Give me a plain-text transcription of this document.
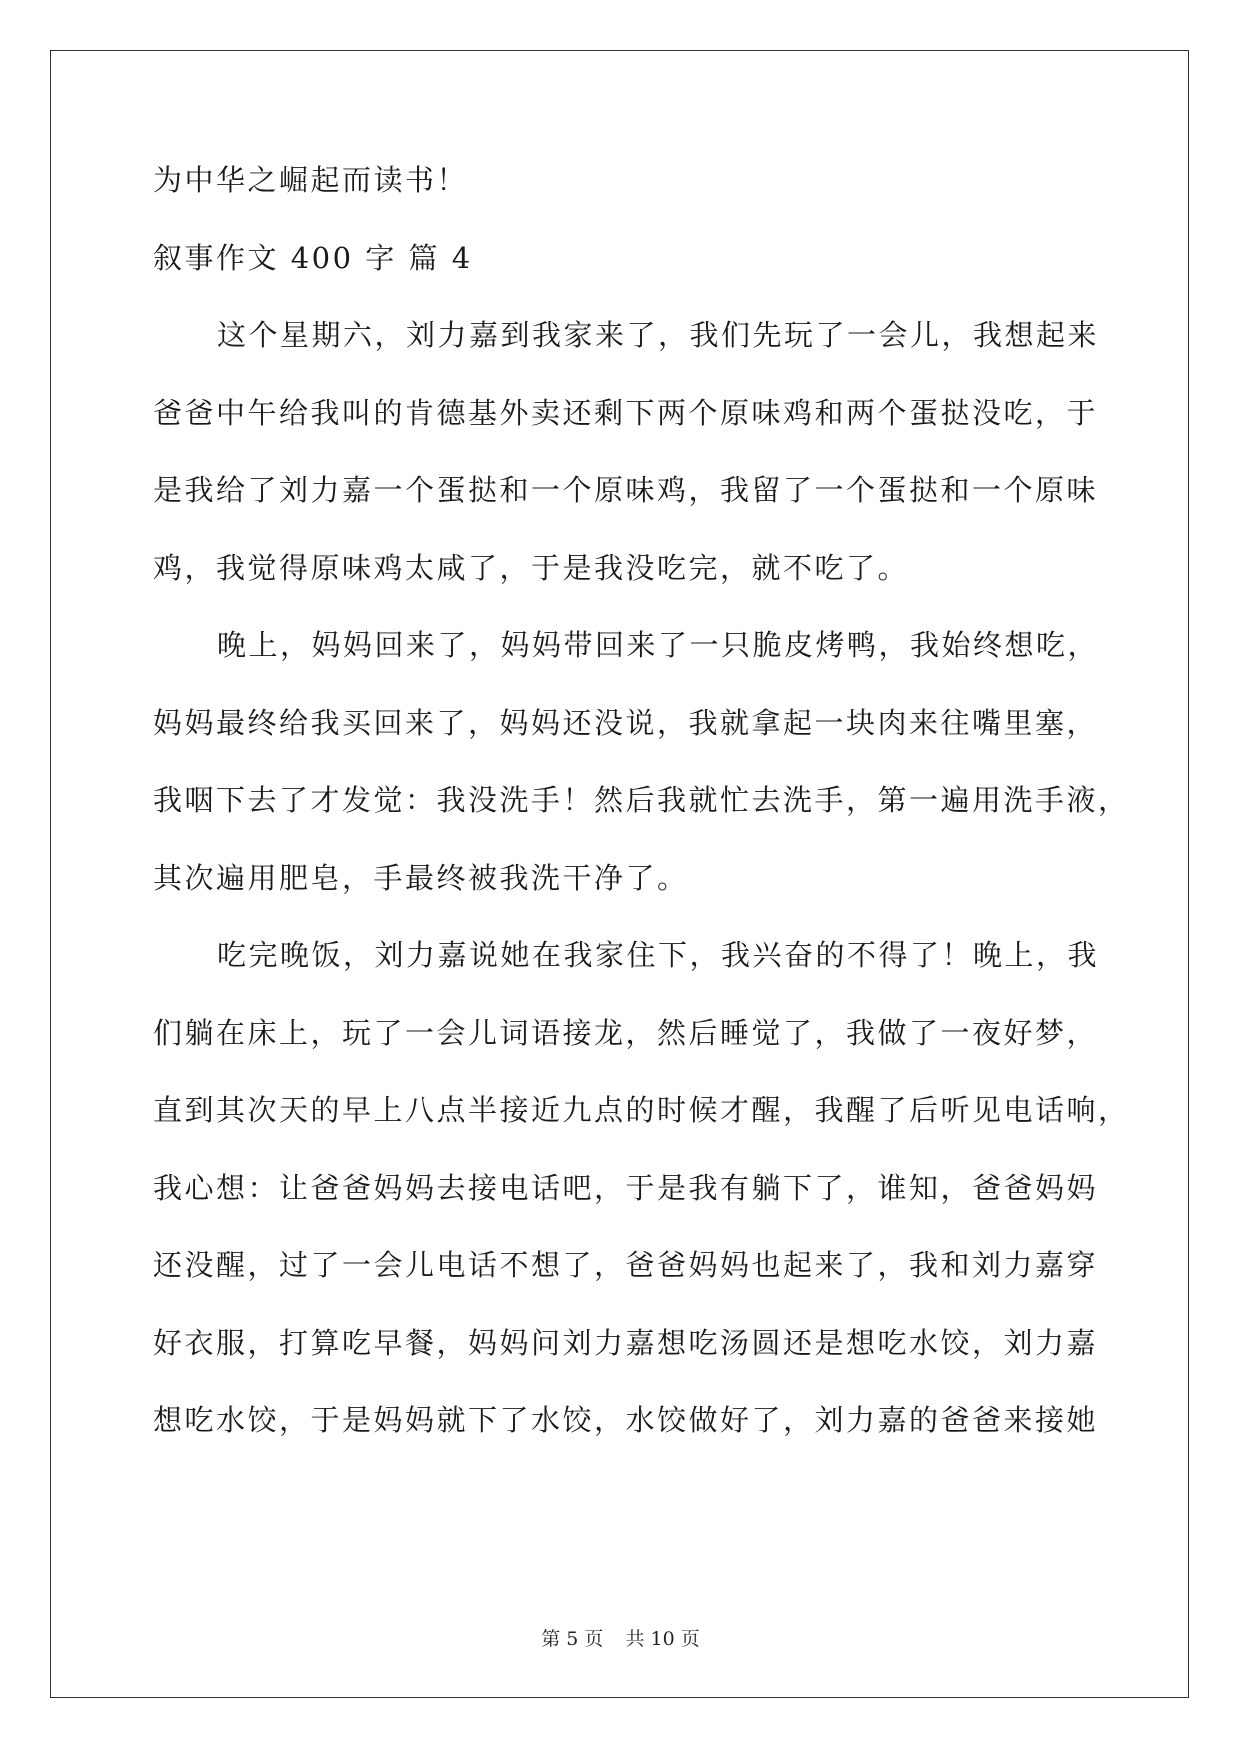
为中华之崛起而读书！
叙事作文 400 字 篇 4
这个星期六，刘力嘉到我家来了，我们先玩了一会儿，我想起来
爸爸中午给我叫的肯德基外卖还剩下两个原味鸡和两个蛋挞没吃，于
是我给了刘力嘉一个蛋挞和一个原味鸡，我留了一个蛋挞和一个原味
鸡，我觉得原味鸡太咸了，于是我没吃完，就不吃了。
晚上，妈妈回来了，妈妈带回来了一只脆皮烤鸭，我始终想吃，
妈妈最终给我买回来了，妈妈还没说，我就拿起一块肉来往嘴里塞，
我咽下去了才发觉：我没洗手！然后我就忙去洗手，第一遍用洗手液，
其次遍用肥皂，手最终被我洗干净了。
吃完晚饭，刘力嘉说她在我家住下，我兴奋的不得了！晚上，我
们躺在床上，玩了一会儿词语接龙，然后睡觉了，我做了一夜好梦，
直到其次天的早上八点半接近九点的时候才醒，我醒了后听见电话响，
我心想：让爸爸妈妈去接电话吧，于是我有躺下了，谁知，爸爸妈妈
还没醒，过了一会儿电话不想了，爸爸妈妈也起来了，我和刘力嘉穿
好衣服，打算吃早餐，妈妈问刘力嘉想吃汤圆还是想吃水饺，刘力嘉
想吃水饺，于是妈妈就下了水饺，水饺做好了，刘力嘉的爸爸来接她
第 5 页 共 10 页
